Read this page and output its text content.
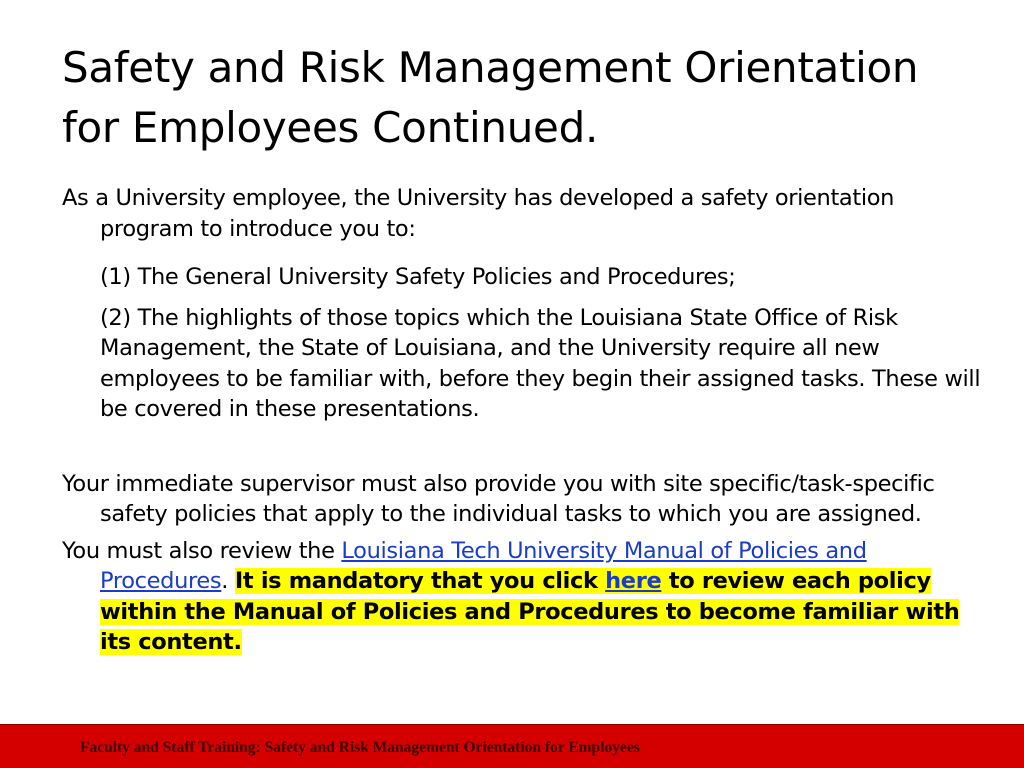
Safety and Risk Management Orientation
for Employees Continued.

As a University employee, the University has developed a safety orientation program to introduce you to:

(1) The General University Safety Policies and Procedures;

(2) The highlights of those topics which the Louisiana State Office of Risk Management, the State of Louisiana, and the University require all new employees to be familiar with, before they begin their assigned tasks. These will be covered in these presentations.

Your immediate supervisor must also provide you with site specific/task-specific safety policies that apply to the individual tasks to which you are assigned.

You must also review the Louisiana Tech University Manual of Policies and Procedures. It is mandatory that you click here to review each policy within the Manual of Policies and Procedures to become familiar with its content.

Faculty and Staff Training: Safety and Risk Management Orientation for Employees
